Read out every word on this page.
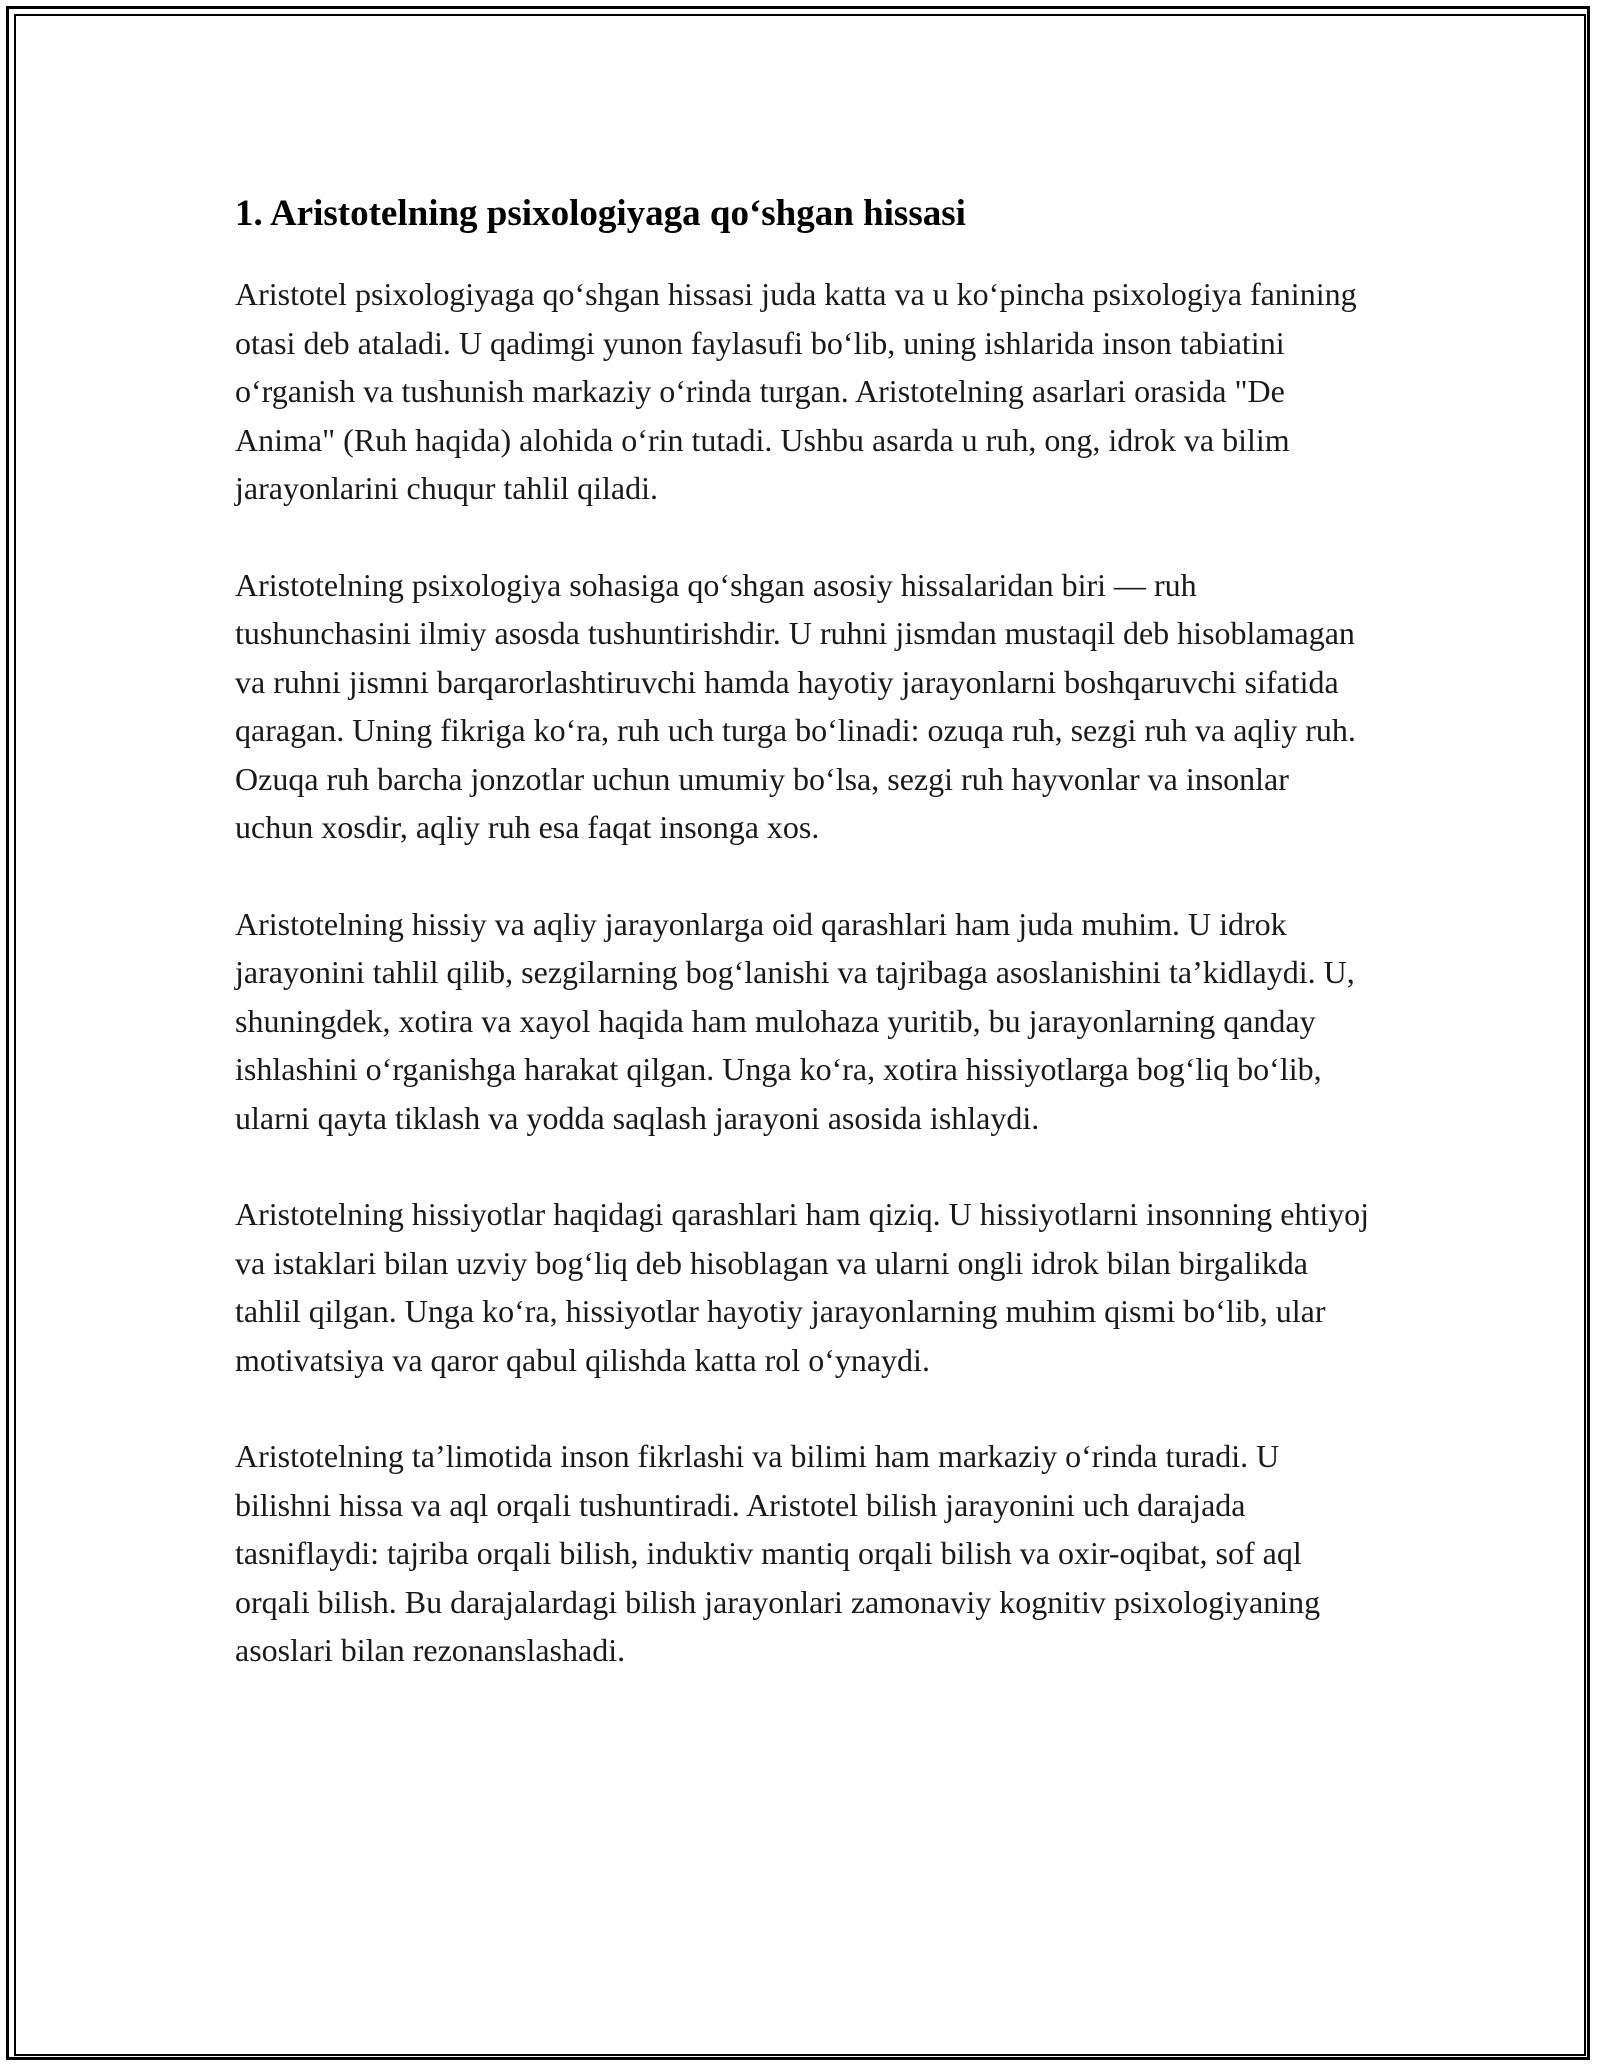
1. Aristotelning psixologiyaga qo‘shgan hissasi

Aristotel psixologiyaga qo‘shgan hissasi juda katta va u ko‘pincha psixologiya fanining otasi deb ataladi. U qadimgi yunon faylasufi bo‘lib, uning ishlarida inson tabiatini o‘rganish va tushunish markaziy o‘rinda turgan. Aristotelning asarlari orasida "De Anima" (Ruh haqida) alohida o‘rin tutadi. Ushbu asarda u ruh, ong, idrok va bilim jarayonlarini chuqur tahlil qiladi.

Aristotelning psixologiya sohasiga qo‘shgan asosiy hissalaridan biri — ruh tushunchasini ilmiy asosda tushuntirishdir. U ruhni jismdan mustaqil deb hisoblamagan va ruhni jismni barqarorlashtiruvchi hamda hayotiy jarayonlarni boshqaruvchi sifatida qaragan. Uning fikriga ko‘ra, ruh uch turga bo‘linadi: ozuqa ruh, sezgi ruh va aqliy ruh. Ozuqa ruh barcha jonzotlar uchun umumiy bo‘lsa, sezgi ruh hayvonlar va insonlar uchun xosdir, aqliy ruh esa faqat insonga xos.

Aristotelning hissiy va aqliy jarayonlarga oid qarashlari ham juda muhim. U idrok jarayonini tahlil qilib, sezgilarning bog‘lanishi va tajribaga asoslanishini ta’kidlaydi. U, shuningdek, xotira va xayol haqida ham mulohaza yuritib, bu jarayonlarning qanday ishlashini o‘rganishga harakat qilgan. Unga ko‘ra, xotira hissiyotlarga bog‘liq bo‘lib, ularni qayta tiklash va yodda saqlash jarayoni asosida ishlaydi.

Aristotelning hissiyotlar haqidagi qarashlari ham qiziq. U hissiyotlarni insonning ehtiyoj va istaklari bilan uzviy bog‘liq deb hisoblagan va ularni ongli idrok bilan birgalikda tahlil qilgan. Unga ko‘ra, hissiyotlar hayotiy jarayonlarning muhim qismi bo‘lib, ular motivatsiya va qaror qabul qilishda katta rol o‘ynaydi.

Aristotelning ta’limotida inson fikrlashi va bilimi ham markaziy o‘rinda turadi. U bilishni hissa va aql orqali tushuntiradi. Aristotel bilish jarayonini uch darajada tasniflaydi: tajriba orqali bilish, induktiv mantiq orqali bilish va oxir-oqibat, sof aql orqali bilish. Bu darajalardagi bilish jarayonlari zamonaviy kognitiv psixologiyaning asoslari bilan rezonanslashadi.
